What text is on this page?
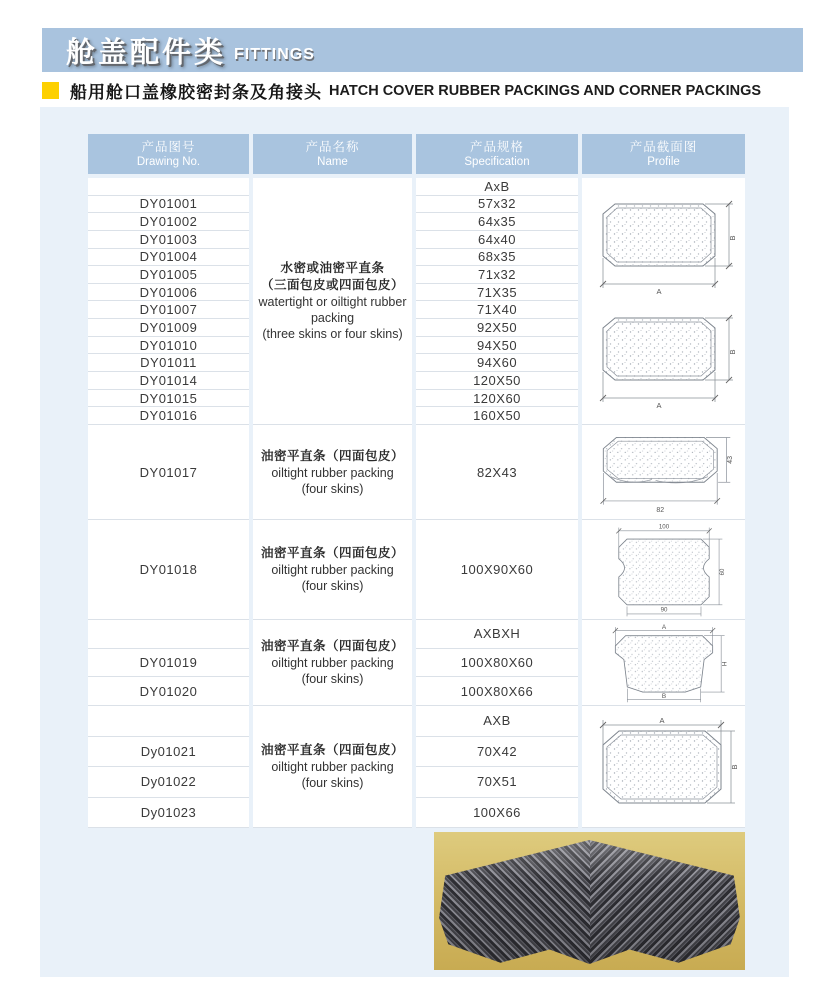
舱盖配件类 FITTINGS
船用舱口盖橡胶密封条及角接头 HATCH COVER RUBBER PACKINGS AND CORNER PACKINGS
产品图号
Drawing No.
产品名称
Name
产品规格
Specification
产品截面图
Profile
DY01001
DY01002
DY01003
DY01004
DY01005
DY01006
DY01007
DY01009
DY01010
DY01011
DY01014
DY01015
DY01016
水密或油密平直条
（三面包皮或四面包皮）
watertight or oiltight rubber
packing
(three skins or four skins)
AxB
57x32
64x35
64x40
68x35
71x32
71X35
71X40
92X50
94X50
94X60
120X50
120X60
160X50
B
A
B
A
DY01017
油密平直条（四面包皮）
oiltight rubber packing
(four skins)
82X43
43
82
DY01018
油密平直条（四面包皮）
oiltight rubber packing
(four skins)
100X90X60
100
60
90
DY01019
DY01020
油密平直条（四面包皮）
oiltight rubber packing
(four skins)
AXBXH
100X80X60
100X80X66
A
H
B
Dy01021
Dy01022
Dy01023
油密平直条（四面包皮）
oiltight rubber packing
(four skins)
AXB
70X42
70X51
100X66
A
B
